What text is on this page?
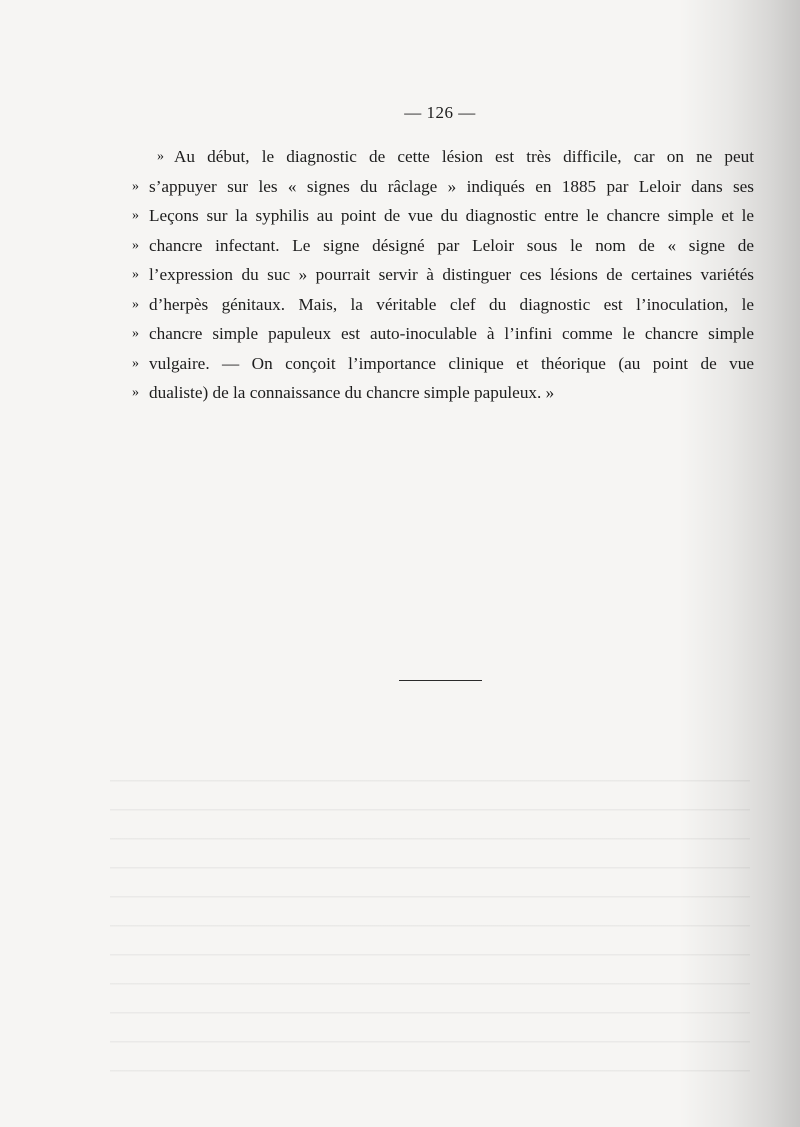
— 126 —
» Au début, le diagnostic de cette lésion est très difficile, car on ne peut
» s’appuyer sur les « signes du râclage » indiqués en 1885 par Leloir dans ses
» Leçons sur la syphilis au point de vue du diagnostic entre le chancre simple et le
» chancre infectant. Le signe désigné par Leloir sous le nom de « signe de
» l’expression du suc » pourrait servir à distinguer ces lésions de certaines variétés
» d’herpès génitaux. Mais, la véritable clef du diagnostic est l’inoculation, le
» chancre simple papuleux est auto-inoculable à l’infini comme le chancre simple
» vulgaire. — On conçoit l’importance clinique et théorique (au point de vue
» dualiste) de la connaissance du chancre simple papuleux. »
